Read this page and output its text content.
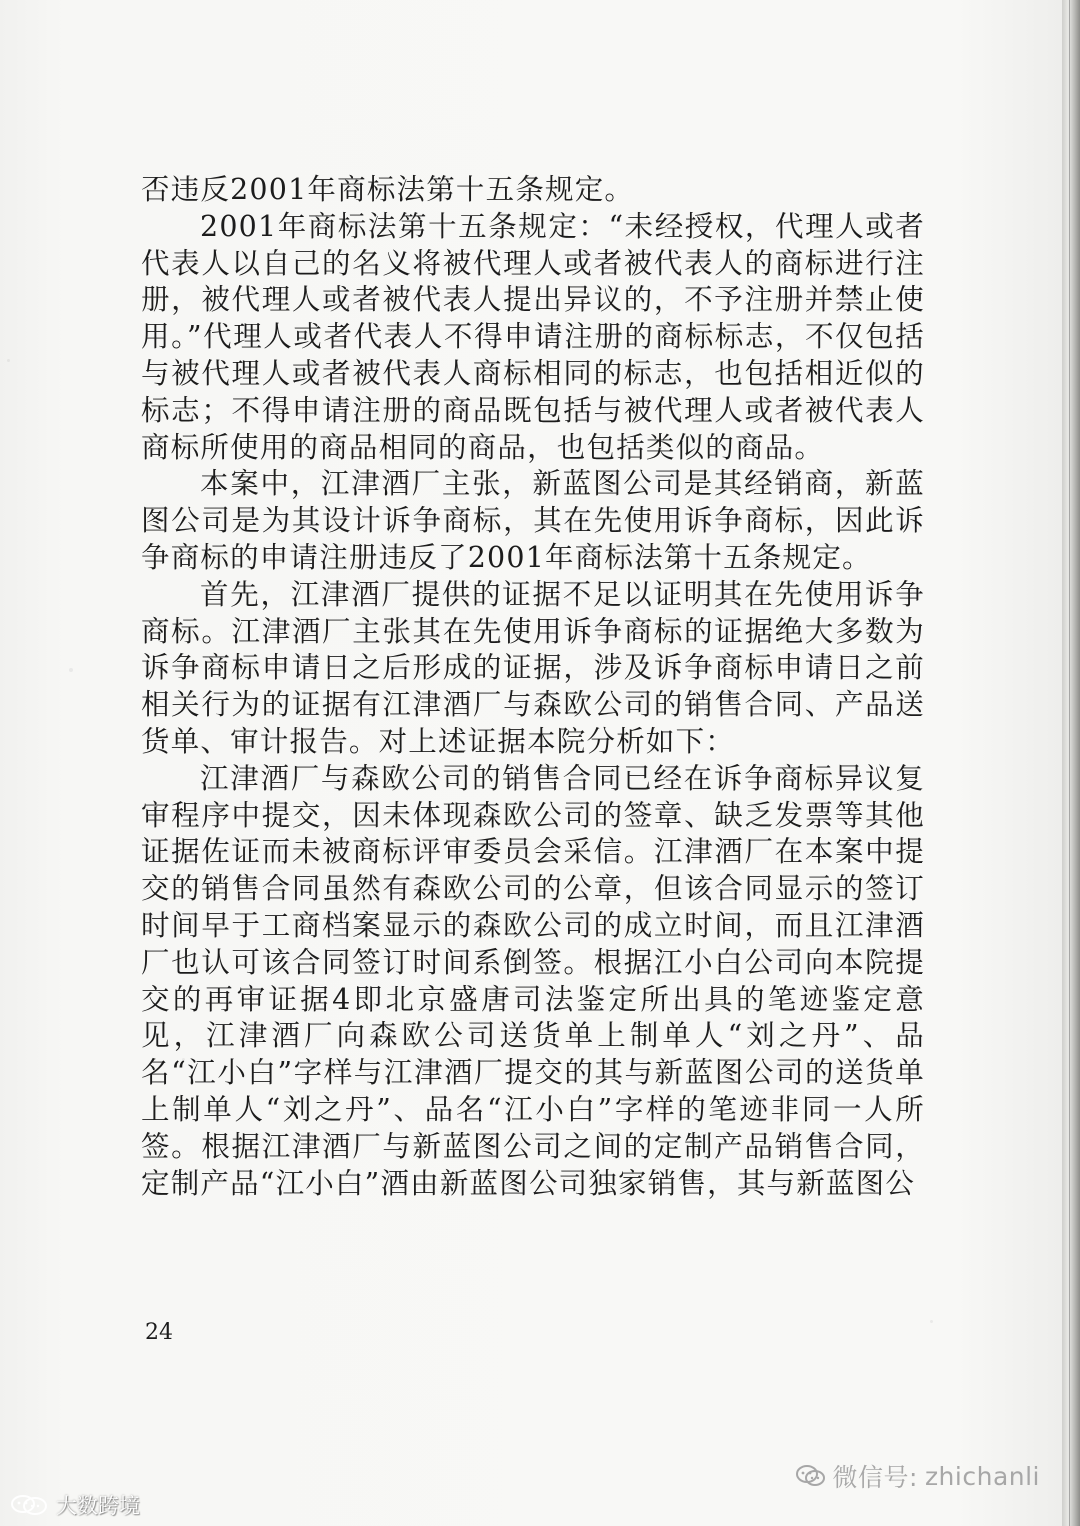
否违反2001年商标法第十五条规定。

2001年商标法第十五条规定：“未经授权，代理人或者代表人以自己的名义将被代理人或者被代表人的商标进行注册，被代理人或者被代表人提出异议的，不予注册并禁止使用。”代理人或者代表人不得申请注册的商标标志，不仅包括与被代理人或者被代表人商标相同的标志，也包括相近似的标志；不得申请注册的商品既包括与被代理人或者被代表人商标所使用的商品相同的商品，也包括类似的商品。

本案中，江津酒厂主张，新蓝图公司是其经销商，新蓝图公司是为其设计诉争商标，其在先使用诉争商标，因此诉争商标的申请注册违反了2001年商标法第十五条规定。

首先，江津酒厂提供的证据不足以证明其在先使用诉争商标。江津酒厂主张其在先使用诉争商标的证据绝大多数为诉争商标申请日之后形成的证据，涉及诉争商标申请日之前相关行为的证据有江津酒厂与森欧公司的销售合同、产品送货单、审计报告。对上述证据本院分析如下：

江津酒厂与森欧公司的销售合同已经在诉争商标异议复审程序中提交，因未体现森欧公司的签章、缺乏发票等其他证据佐证而未被商标评审委员会采信。江津酒厂在本案中提交的销售合同虽然有森欧公司的公章，但该合同显示的签订时间早于工商档案显示的森欧公司的成立时间，而且江津酒厂也认可该合同签订时间系倒签。根据江小白公司向本院提交的再审证据4即北京盛唐司法鉴定所出具的笔迹鉴定意见，江津酒厂向森欧公司送货单上制单人“刘之丹”、品名“江小白”字样与江津酒厂提交的其与新蓝图公司的送货单上制单人“刘之丹”、品名“江小白”字样的笔迹非同一人所签。根据江津酒厂与新蓝图公司之间的定制产品销售合同，定制产品“江小白”酒由新蓝图公司独家销售，其与新蓝图公

24
大数跨境
微信号: zhichanli
